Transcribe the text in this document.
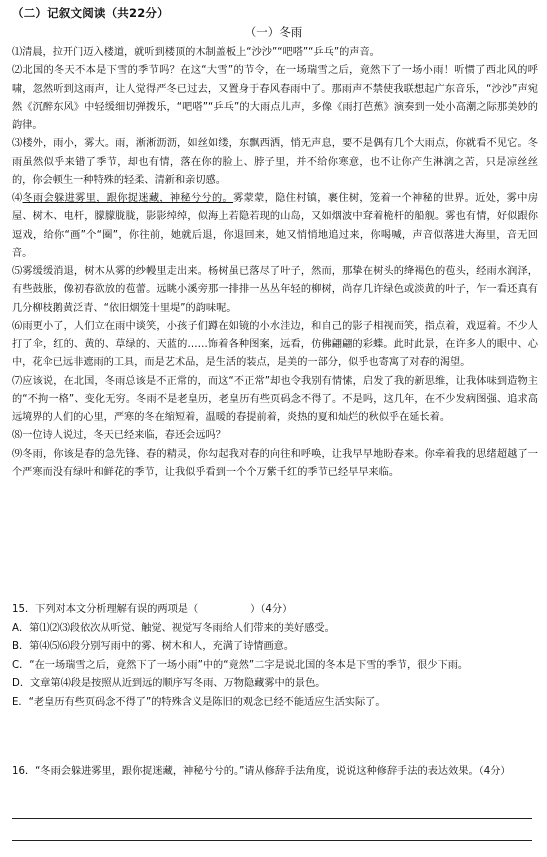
（二）记叙文阅读（共22分）
（一）冬雨

⑴清晨，拉开门迈入楼道，就听到楼顶的木制盖板上“沙沙”“吧嗒”“乒乓”的声音。

⑵北国的冬天不本是下雪的季节吗？在这“大雪”的节令，在一场瑞雪之后，竟然下了一场小雨！听惯了西北风的呼啸，忽然听到这雨声，让人觉得严冬已过去，又置身于春风春雨中了。那雨声不禁使我联想起广东音乐，“沙沙”声宛然《沉醉东风》中轻缓细切弹拨乐，“吧嗒”“乒乓”的大雨点儿声，多像《雨打芭蕉》演奏到一处小高潮之际那美妙的韵律。

⑶楼外，雨小，雾大。雨，淅淅沥沥，如丝如缕，东飘西洒，悄无声息，要不是偶有几个大雨点，你就看不见它。冬雨虽然似乎来错了季节，却也有情，落在你的脸上、脖子里，并不给你寒意，也不让你产生淋漓之苦，只是凉丝丝的，你会顿生一种特殊的轻柔、清新和亲切感。

⑷冬雨会躲进雾里，跟你捉迷藏，神秘兮兮的。雾蒙蒙，隐住村镇，裹住树，笼着一个神秘的世界。近处，雾中房屋、树木、电杆，朦朦胧胧，影影绰绰，似海上若隐若现的山岛，又如烟波中耷着桅杆的船舰。雾也有情，好似跟你逗戏，给你“画”个“圈”，你往前，她就后退，你退回来，她又悄悄地追过来，你喝喊，声音似落进大海里，音无回音。

⑸雾缓缓消退，树木从雾的纱幔里走出来。杨树虽已落尽了叶子，然而，那挚在树头的绛褐色的苞头，经雨水润泽，有些鼓胀，像初春欲放的苞蕾。远眺小溪旁那一排排一丛丛年轻的柳树，尚存几许绿色或淡黄的叶子，乍一看还真有几分柳枝鹅黄泛青、“依旧烟笼十里堤”的韵味呢。

⑹雨更小了，人们立在雨中谈笑，小孩子们蹲在如镜的小水洼边，和自己的影子相视而笑，指点着，戏逗着。不少人打了伞，红的、黄的、草绿的、天蓝的……饰着各种图案，远看，仿佛翩翩的彩蝶。此时此景，在许多人的眼中、心中，花伞已远非遮雨的工具，而是艺术品，是生活的装点，是美的一部分，似乎也寄寓了对春的渴望。

⑺应该说，在北国，冬雨总该是不正常的，而这“不正常”却也令我别有情愫，启发了我的新思维，让我体味到造物主的“不拘一格”、变化无穷。冬雨不是老皇历，老皇历有些页码念不得了。不是吗，这几年，在不少发病图强、追求高远境界的人们的心里，严寒的冬在缩短着，温暖的春提前着，炎热的夏和灿烂的秋似乎在延长着。

⑻一位诗人说过，冬天已经来临，春还会远吗？

⑼冬雨，你该是春的急先锋、春的精灵，你勾起我对春的向往和呼唤，让我早早地盼春来。你牵着我的思绪超越了一个严寒而没有绿叶和鲜花的季节，让我似乎看到一个个万紫千红的季节已经早早来临。

15．下列对本文分析理解有误的两项是（	）（4分）

A．第⑴⑵⑶段依次从听觉、触觉、视觉写冬雨给人们带来的美好感受。

B．第⑷⑸⑹段分别写雨中的雾、树木和人，充满了诗情画意。

C．“在一场瑞雪之后，竟然下了一场小雨”中的“竟然”二字是说北国的冬本是下雪的季节，很少下雨。

D．文章第⑷段是按照从近到远的顺序写冬雨、万物隐藏雾中的景色。

E．“老皇历有些页码念不得了”的特殊含义是陈旧的观念已经不能适应生活实际了。

16．“冬雨会躲进雾里，跟你捉迷藏，神秘兮兮的。”请从修辞手法角度，说说这种修辞手法的表达效果。（4分）
